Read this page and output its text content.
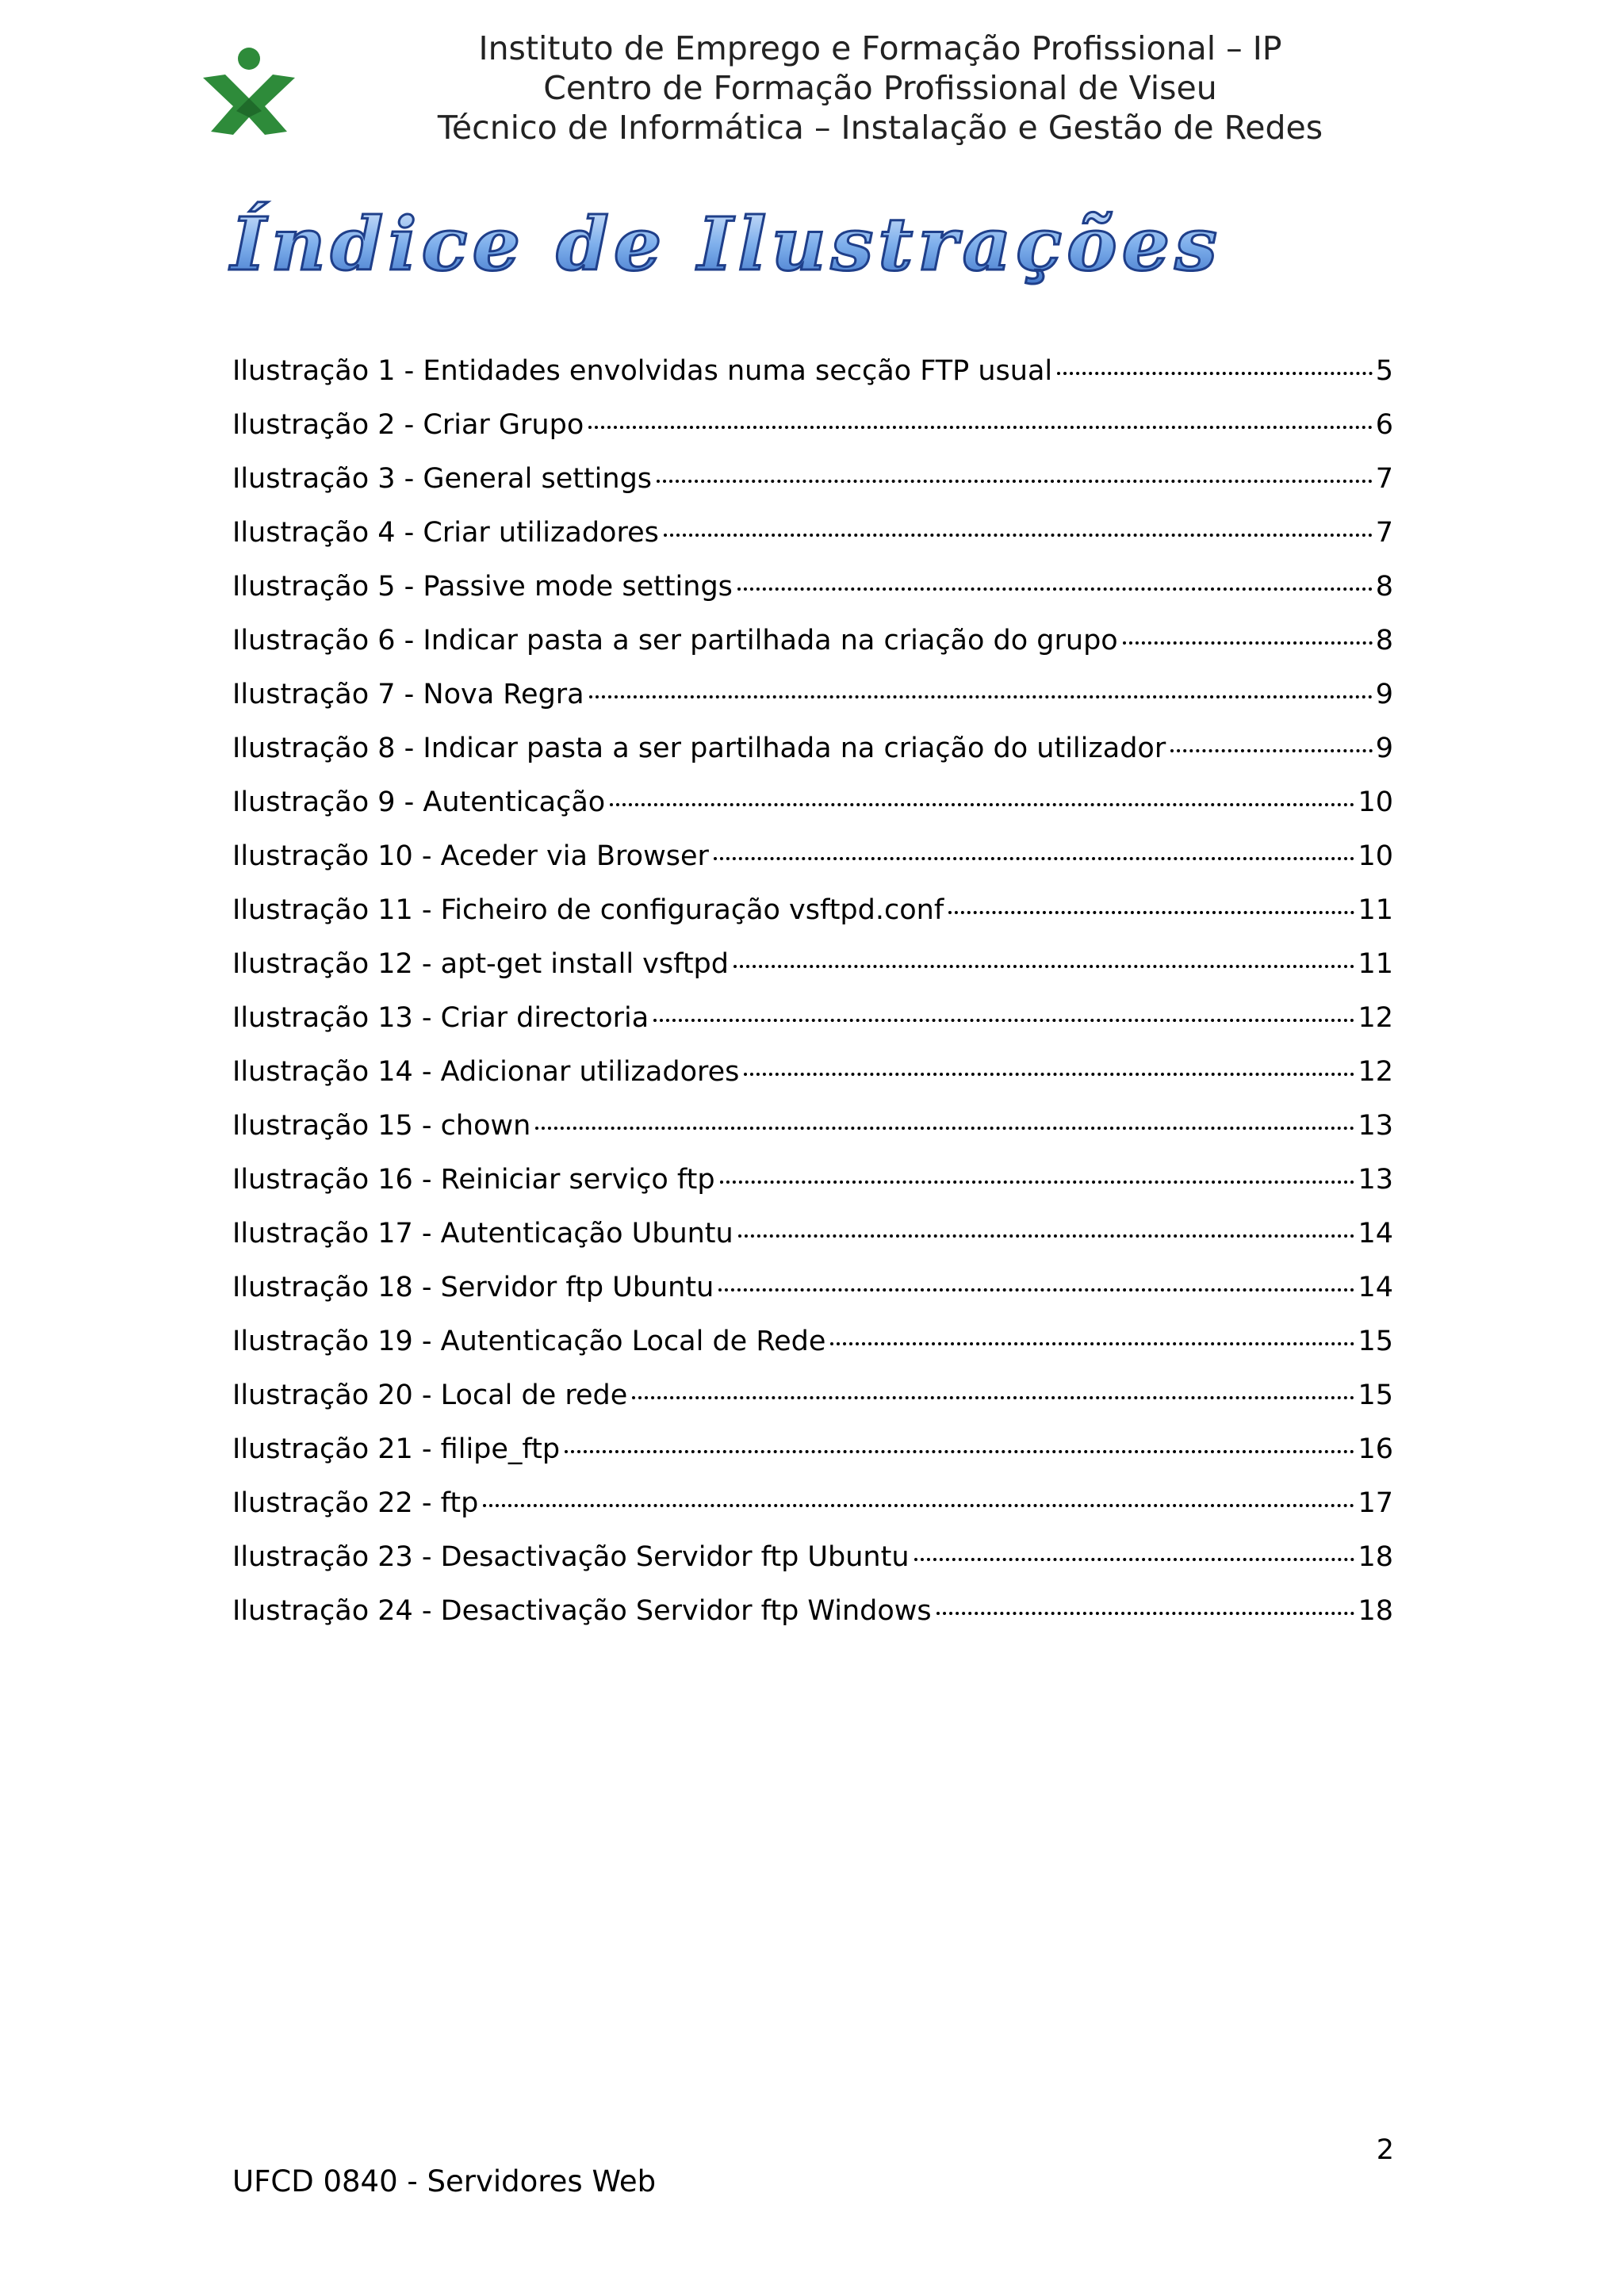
Instituto de Emprego e Formação Profissional – IP
Centro de Formação Profissional de Viseu
Técnico de Informática – Instalação e Gestão de Redes
Índice de Ilustrações
Ilustração 1 - Entidades envolvidas numa secção FTP usual	5
Ilustração 2 - Criar Grupo	6
Ilustração 3 - General settings	7
Ilustração 4 - Criar utilizadores	7
Ilustração 5 - Passive mode settings	8
Ilustração 6 - Indicar pasta a ser partilhada na criação do grupo	8
Ilustração 7 - Nova Regra	9
Ilustração 8 - Indicar pasta a ser partilhada na criação do utilizador	9
Ilustração 9 - Autenticação	10
Ilustração 10 - Aceder via Browser	10
Ilustração 11 - Ficheiro de configuração vsftpd.conf	11
Ilustração 12 - apt-get install vsftpd	11
Ilustração 13 - Criar directoria	12
Ilustração 14 - Adicionar utilizadores	12
Ilustração 15 - chown	13
Ilustração 16 - Reiniciar serviço ftp	13
Ilustração 17 - Autenticação Ubuntu	14
Ilustração 18 - Servidor ftp Ubuntu	14
Ilustração 19 - Autenticação Local de Rede	15
Ilustração 20 - Local de rede	15
Ilustração 21 - filipe_ftp	16
Ilustração 22 - ftp	17
Ilustração 23 - Desactivação Servidor ftp Ubuntu	18
Ilustração 24 - Desactivação Servidor ftp Windows	18
2
UFCD 0840 - Servidores Web
